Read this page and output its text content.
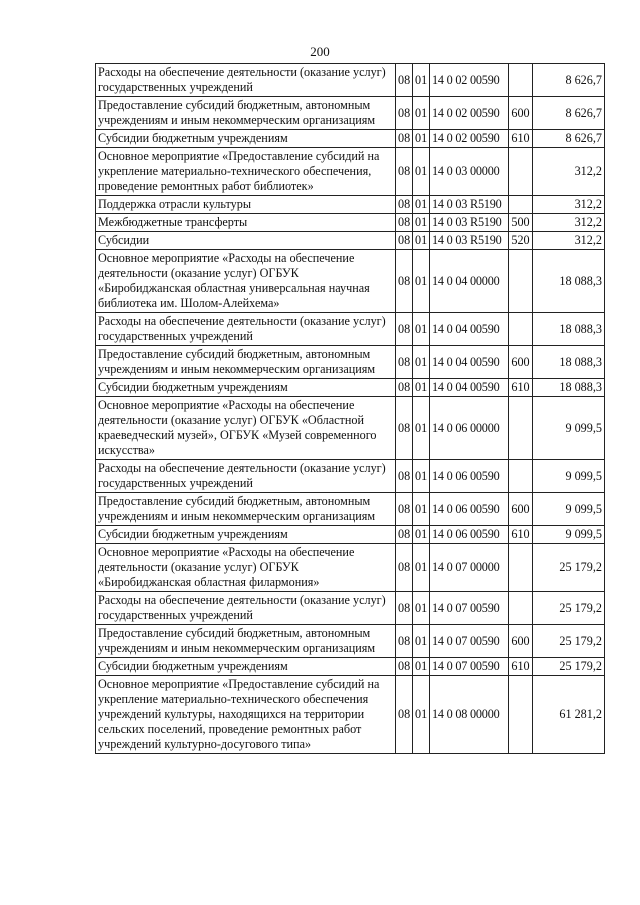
200
Расходы на обеспечение деятельности (оказание услуг) государственных учреждений	08	01	14 0 02 00590		8 626,7
Предоставление субсидий бюджетным, автономным учреждениям и иным некоммерческим организациям	08	01	14 0 02 00590	600	8 626,7
Субсидии бюджетным учреждениям	08	01	14 0 02 00590	610	8 626,7
Основное мероприятие «Предоставление субсидий на укрепление материально-технического обеспечения, проведение ремонтных работ библиотек»	08	01	14 0 03 00000		312,2
Поддержка отрасли культуры	08	01	14 0 03 R5190		312,2
Межбюджетные трансферты	08	01	14 0 03 R5190	500	312,2
Субсидии	08	01	14 0 03 R5190	520	312,2
Основное мероприятие «Расходы на обеспечение деятельности (оказание услуг) ОГБУК «Биробиджанская областная универсальная научная библиотека им. Шолом-Алейхема»	08	01	14 0 04 00000		18 088,3
Расходы на обеспечение деятельности (оказание услуг) государственных учреждений	08	01	14 0 04 00590		18 088,3
Предоставление субсидий бюджетным, автономным учреждениям и иным некоммерческим организациям	08	01	14 0 04 00590	600	18 088,3
Субсидии бюджетным учреждениям	08	01	14 0 04 00590	610	18 088,3
Основное мероприятие «Расходы на обеспечение деятельности (оказание услуг) ОГБУК «Областной краеведческий музей», ОГБУК «Музей современного искусства»	08	01	14 0 06 00000		9 099,5
Расходы на обеспечение деятельности (оказание услуг) государственных учреждений	08	01	14 0 06 00590		9 099,5
Предоставление субсидий бюджетным, автономным учреждениям и иным некоммерческим организациям	08	01	14 0 06 00590	600	9 099,5
Субсидии бюджетным учреждениям	08	01	14 0 06 00590	610	9 099,5
Основное мероприятие «Расходы на обеспечение деятельности (оказание услуг) ОГБУК «Биробиджанская областная филармония»	08	01	14 0 07 00000		25 179,2
Расходы на обеспечение деятельности (оказание услуг) государственных учреждений	08	01	14 0 07 00590		25 179,2
Предоставление субсидий бюджетным, автономным учреждениям и иным некоммерческим организациям	08	01	14 0 07 00590	600	25 179,2
Субсидии бюджетным учреждениям	08	01	14 0 07 00590	610	25 179,2
Основное мероприятие «Предоставление субсидий на укрепление материально-технического обеспечения учреждений культуры, находящихся на территории сельских поселений, проведение ремонтных работ учреждений культурно-досугового типа»	08	01	14 0 08 00000		61 281,2
